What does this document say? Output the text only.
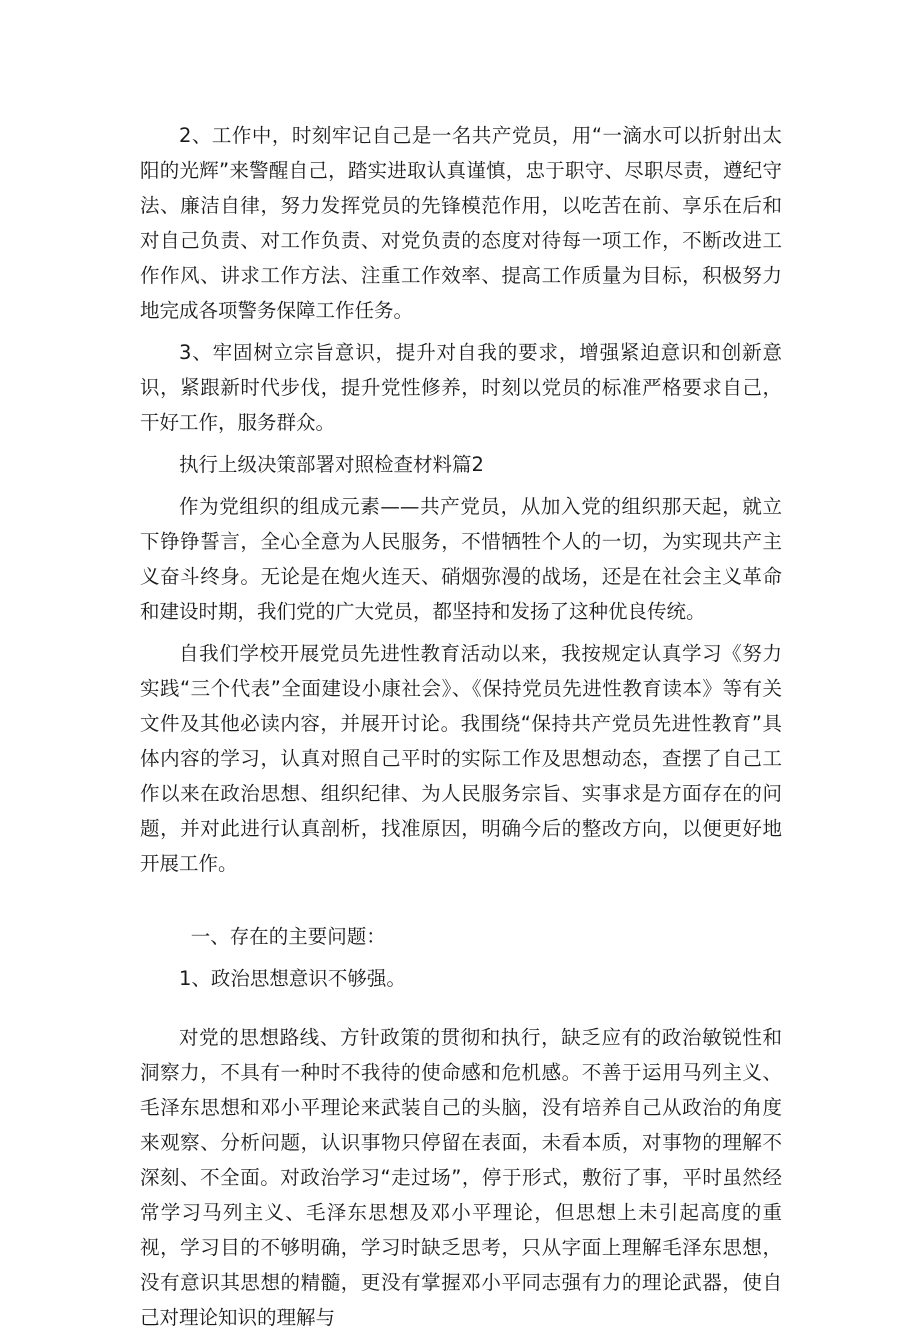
2、工作中，时刻牢记自己是一名共产党员，用“一滴水可以折射出太阳的光辉”来警醒自己，踏实进取认真谨慎，忠于职守、尽职尽责，遵纪守法、廉洁自律，努力发挥党员的先锋模范作用，以吃苦在前、享乐在后和对自己负责、对工作负责、对党负责的态度对待每一项工作，不断改进工作作风、讲求工作方法、注重工作效率、提高工作质量为目标，积极努力地完成各项警务保障工作任务。

3、牢固树立宗旨意识，提升对自我的要求，增强紧迫意识和创新意识，紧跟新时代步伐，提升党性修养，时刻以党员的标准严格要求自己，干好工作，服务群众。

执行上级决策部署对照检查材料篇2

作为党组织的组成元素——共产党员，从加入党的组织那天起，就立下铮铮誓言，全心全意为人民服务，不惜牺牲个人的一切，为实现共产主义奋斗终身。无论是在炮火连天、硝烟弥漫的战场，还是在社会主义革命和建设时期，我们党的广大党员，都坚持和发扬了这种优良传统。

自我们学校开展党员先进性教育活动以来，我按规定认真学习《努力实践“三个代表”全面建设小康社会》、《保持党员先进性教育读本》等有关文件及其他必读内容，并展开讨论。我围绕“保持共产党员先进性教育”具体内容的学习，认真对照自己平时的实际工作及思想动态，查摆了自己工作以来在政治思想、组织纪律、为人民服务宗旨、实事求是方面存在的问题，并对此进行认真剖析，找准原因，明确今后的整改方向，以便更好地开展工作。

一、存在的主要问题：

1、政治思想意识不够强。

对党的思想路线、方针政策的贯彻和执行，缺乏应有的政治敏锐性和洞察力，不具有一种时不我待的使命感和危机感。不善于运用马列主义、毛泽东思想和邓小平理论来武装自己的头脑，没有培养自己从政治的角度来观察、分析问题，认识事物只停留在表面，未看本质，对事物的理解不深刻、不全面。对政治学习“走过场”，停于形式，敷衍了事，平时虽然经常学习马列主义、毛泽东思想及邓小平理论，但思想上未引起高度的重视，学习目的不够明确，学习时缺乏思考，只从字面上理解毛泽东思想，没有意识其思想的精髓，更没有掌握邓小平同志强有力的理论武器，使自己对理论知识的理解与
